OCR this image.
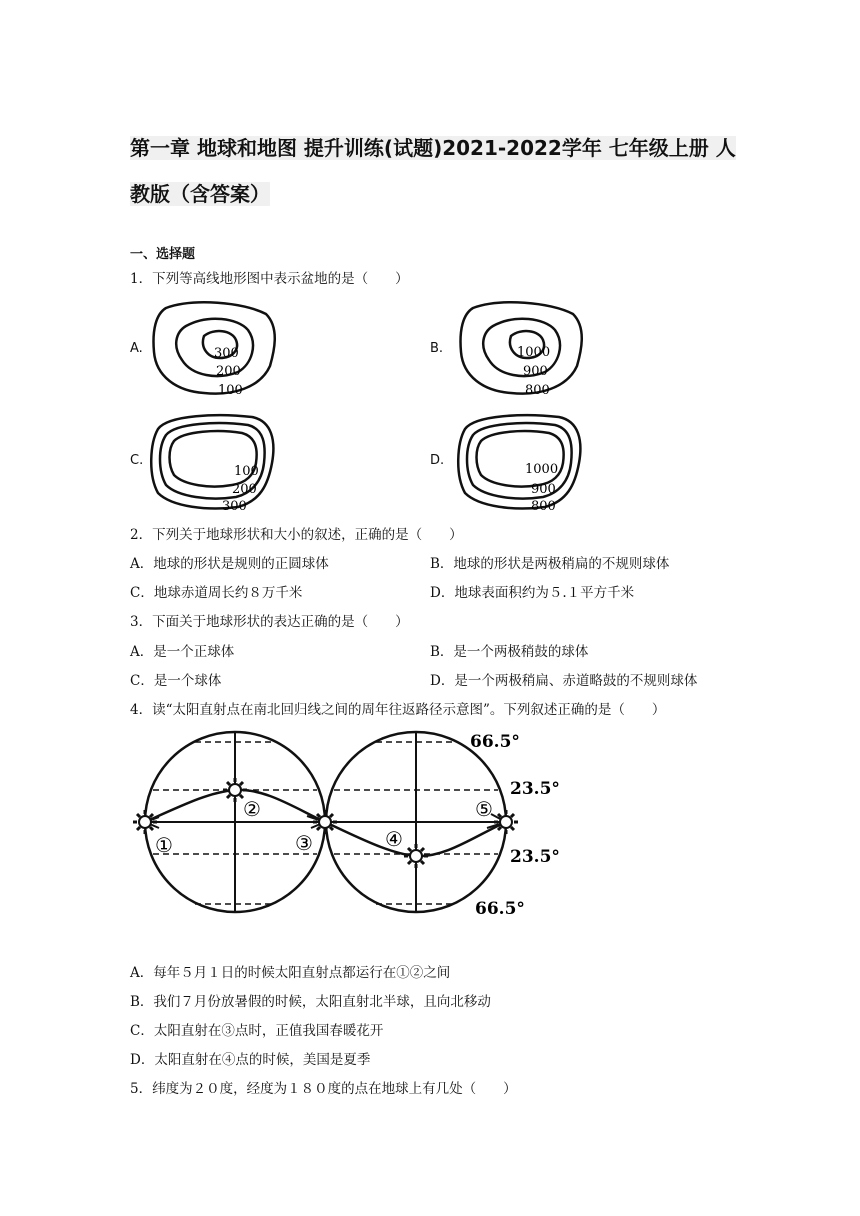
第一章 地球和地图 提升训练(试题)2021-2022学年 七年级上册 人
教版（含答案）
一、选择题
1．下列等高线地形图中表示盆地的是（　　）
A.	300
200
100
B.	1000
900
800
C.
100
200
300
D.
1000
900
800
2．下列关于地球形状和大小的叙述，正确的是（　　）
A．地球的形状是规则的正圆球体	B．地球的形状是两极稍扁的不规则球体
C．地球赤道周长约８万千米	D．地球表面积约为５.１平方千米
3．下面关于地球形状的表达正确的是（　　）
A．是一个正球体	B．是一个两极稍鼓的球体
C．是一个球体	D．是一个两极稍扁、赤道略鼓的不规则球体
4．读“太阳直射点在南北回归线之间的周年往返路径示意图”。下列叙述正确的是（　　）
①
②
③	④
⑤
66.5°
23.5°
23.5°
66.5°
A．每年５月１日的时候太阳直射点都运行在①②之间
B．我们７月份放暑假的时候，太阳直射北半球，且向北移动
C．太阳直射在③点时，正值我国春暖花开
D．太阳直射在④点的时候，美国是夏季
5．纬度为２０度，经度为１８０度的点在地球上有几处（　　）
